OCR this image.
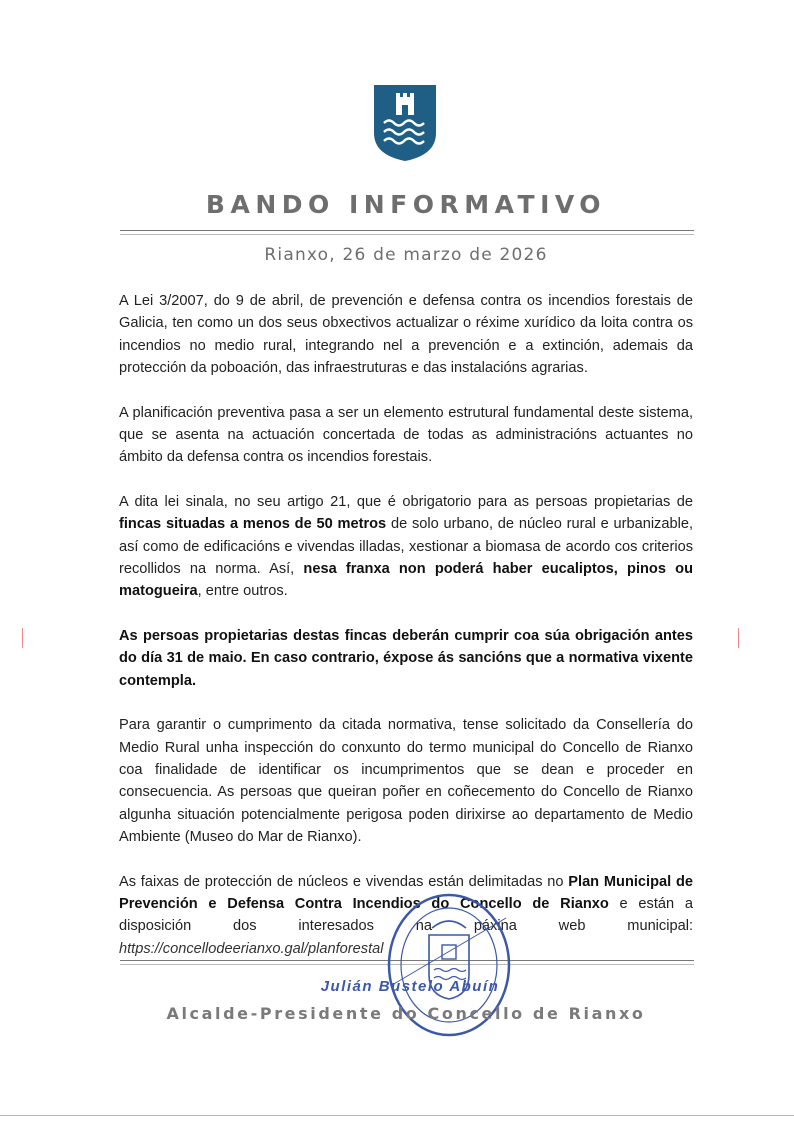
BANDO INFORMATIVO
Rianxo, 26 de marzo de 2026

A Lei 3/2007, do 9 de abril, de prevención e defensa contra os incendios forestais de Galicia, ten como un dos seus obxectivos actualizar o réxime xurídico da loita contra os incendios no medio rural, integrando nel a prevención e a extinción, ademais da protección da poboación, das infraestruturas e das instalacións agrarias.

A planificación preventiva pasa a ser un elemento estrutural fundamental deste sistema, que se asenta na actuación concertada de todas as administracións actuantes no ámbito da defensa contra os incendios forestais.

A dita lei sinala, no seu artigo 21, que é obrigatorio para as persoas propietarias de fincas situadas a menos de 50 metros de solo urbano, de núcleo rural e urbanizable, así como de edificacións e vivendas illadas, xestionar a biomasa de acordo cos criterios recollidos na norma. Así, nesa franxa non poderá haber eucaliptos, pinos ou matogueira, entre outros.

As persoas propietarias destas fincas deberán cumprir coa súa obrigación antes do día 31 de maio. En caso contrario, éxpose ás sancións que a normativa vixente contempla.

Para garantir o cumprimento da citada normativa, tense solicitado da Consellería do Medio Rural unha inspección do conxunto do termo municipal do Concello de Rianxo coa finalidade de identificar os incumprimentos que se dean e proceder en consecuencia. As persoas que queiran poñer en coñecemento do Concello de Rianxo algunha situación potencialmente perigosa poden dirixirse ao departamento de Medio Ambiente (Museo do Mar de Rianxo).

As faixas de protección de núcleos e vivendas están delimitadas no Plan Municipal de Prevención e Defensa Contra Incendios do Concello de Rianxo e están a disposición dos interesados na páxina web municipal: https://concellodeerianxo.gal/planforestal

Julián Bustelo Abuín
Alcalde-Presidente do Concello de Rianxo
